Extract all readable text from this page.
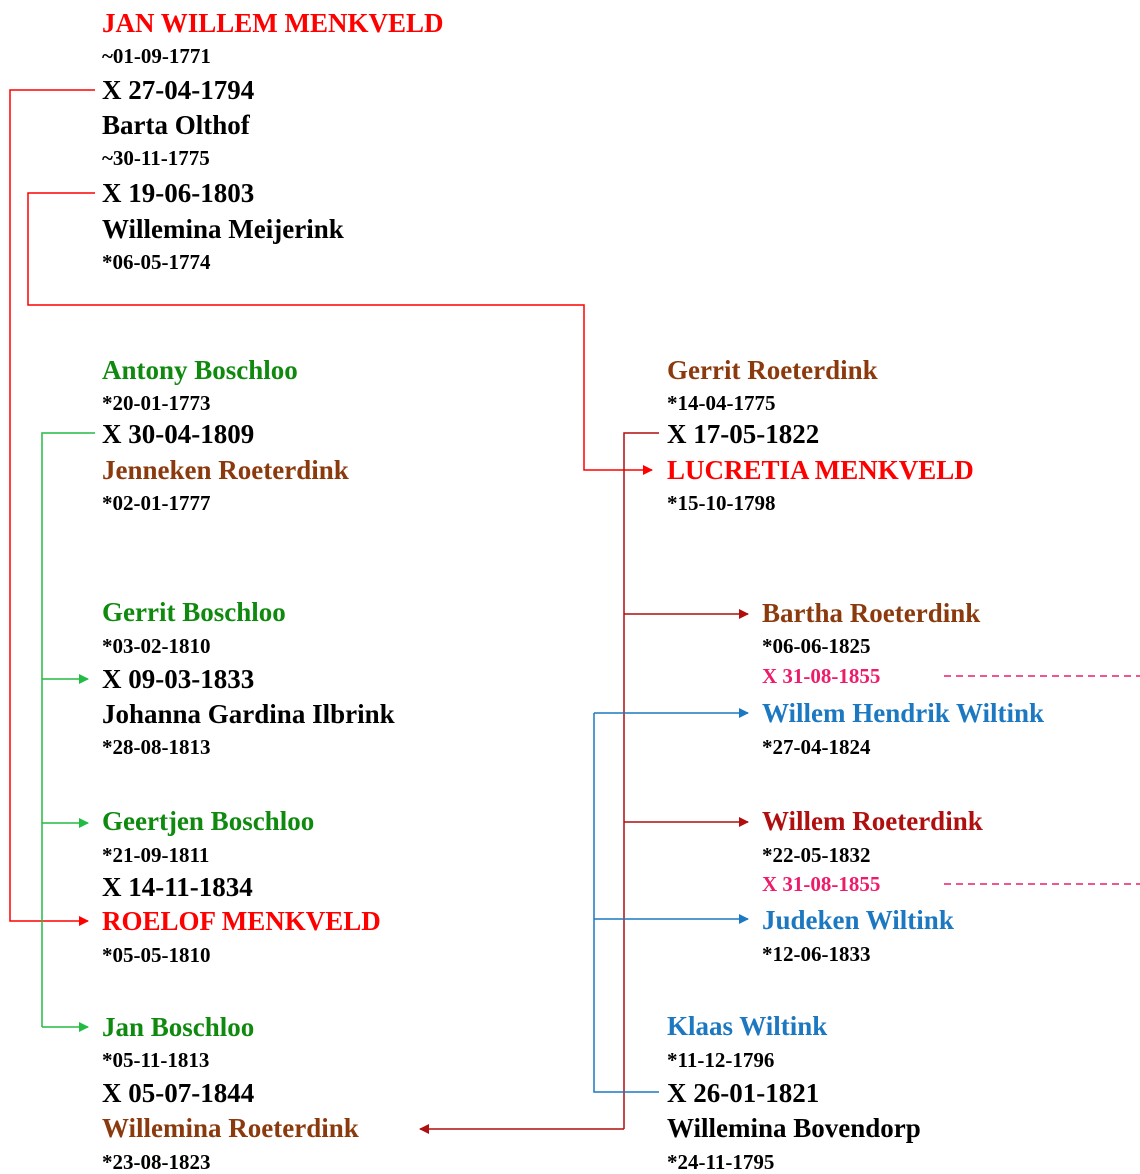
JAN WILLEM MENKVELD
~01-09-1771
X 27-04-1794
Barta Olthof
~30-11-1775
X 19-06-1803
Willemina Meijerink
*06-05-1774
Antony Boschloo
*20-01-1773
X 30-04-1809
Jenneken Roeterdink
*02-01-1777
Gerrit Boschloo
*03-02-1810
X 09-03-1833
Johanna Gardina Ilbrink
*28-08-1813
Geertjen Boschloo
*21-09-1811
X 14-11-1834
ROELOF MENKVELD
*05-05-1810
Jan Boschloo
*05-11-1813
X 05-07-1844
Willemina Roeterdink
*23-08-1823
Gerrit Roeterdink
*14-04-1775
X 17-05-1822
LUCRETIA MENKVELD
*15-10-1798
Bartha Roeterdink
*06-06-1825
X 31-08-1855
Willem Hendrik Wiltink
*27-04-1824
Willem Roeterdink
*22-05-1832
X 31-08-1855
Judeken Wiltink
*12-06-1833
Klaas Wiltink
*11-12-1796
X 26-01-1821
Willemina Bovendorp
*24-11-1795
